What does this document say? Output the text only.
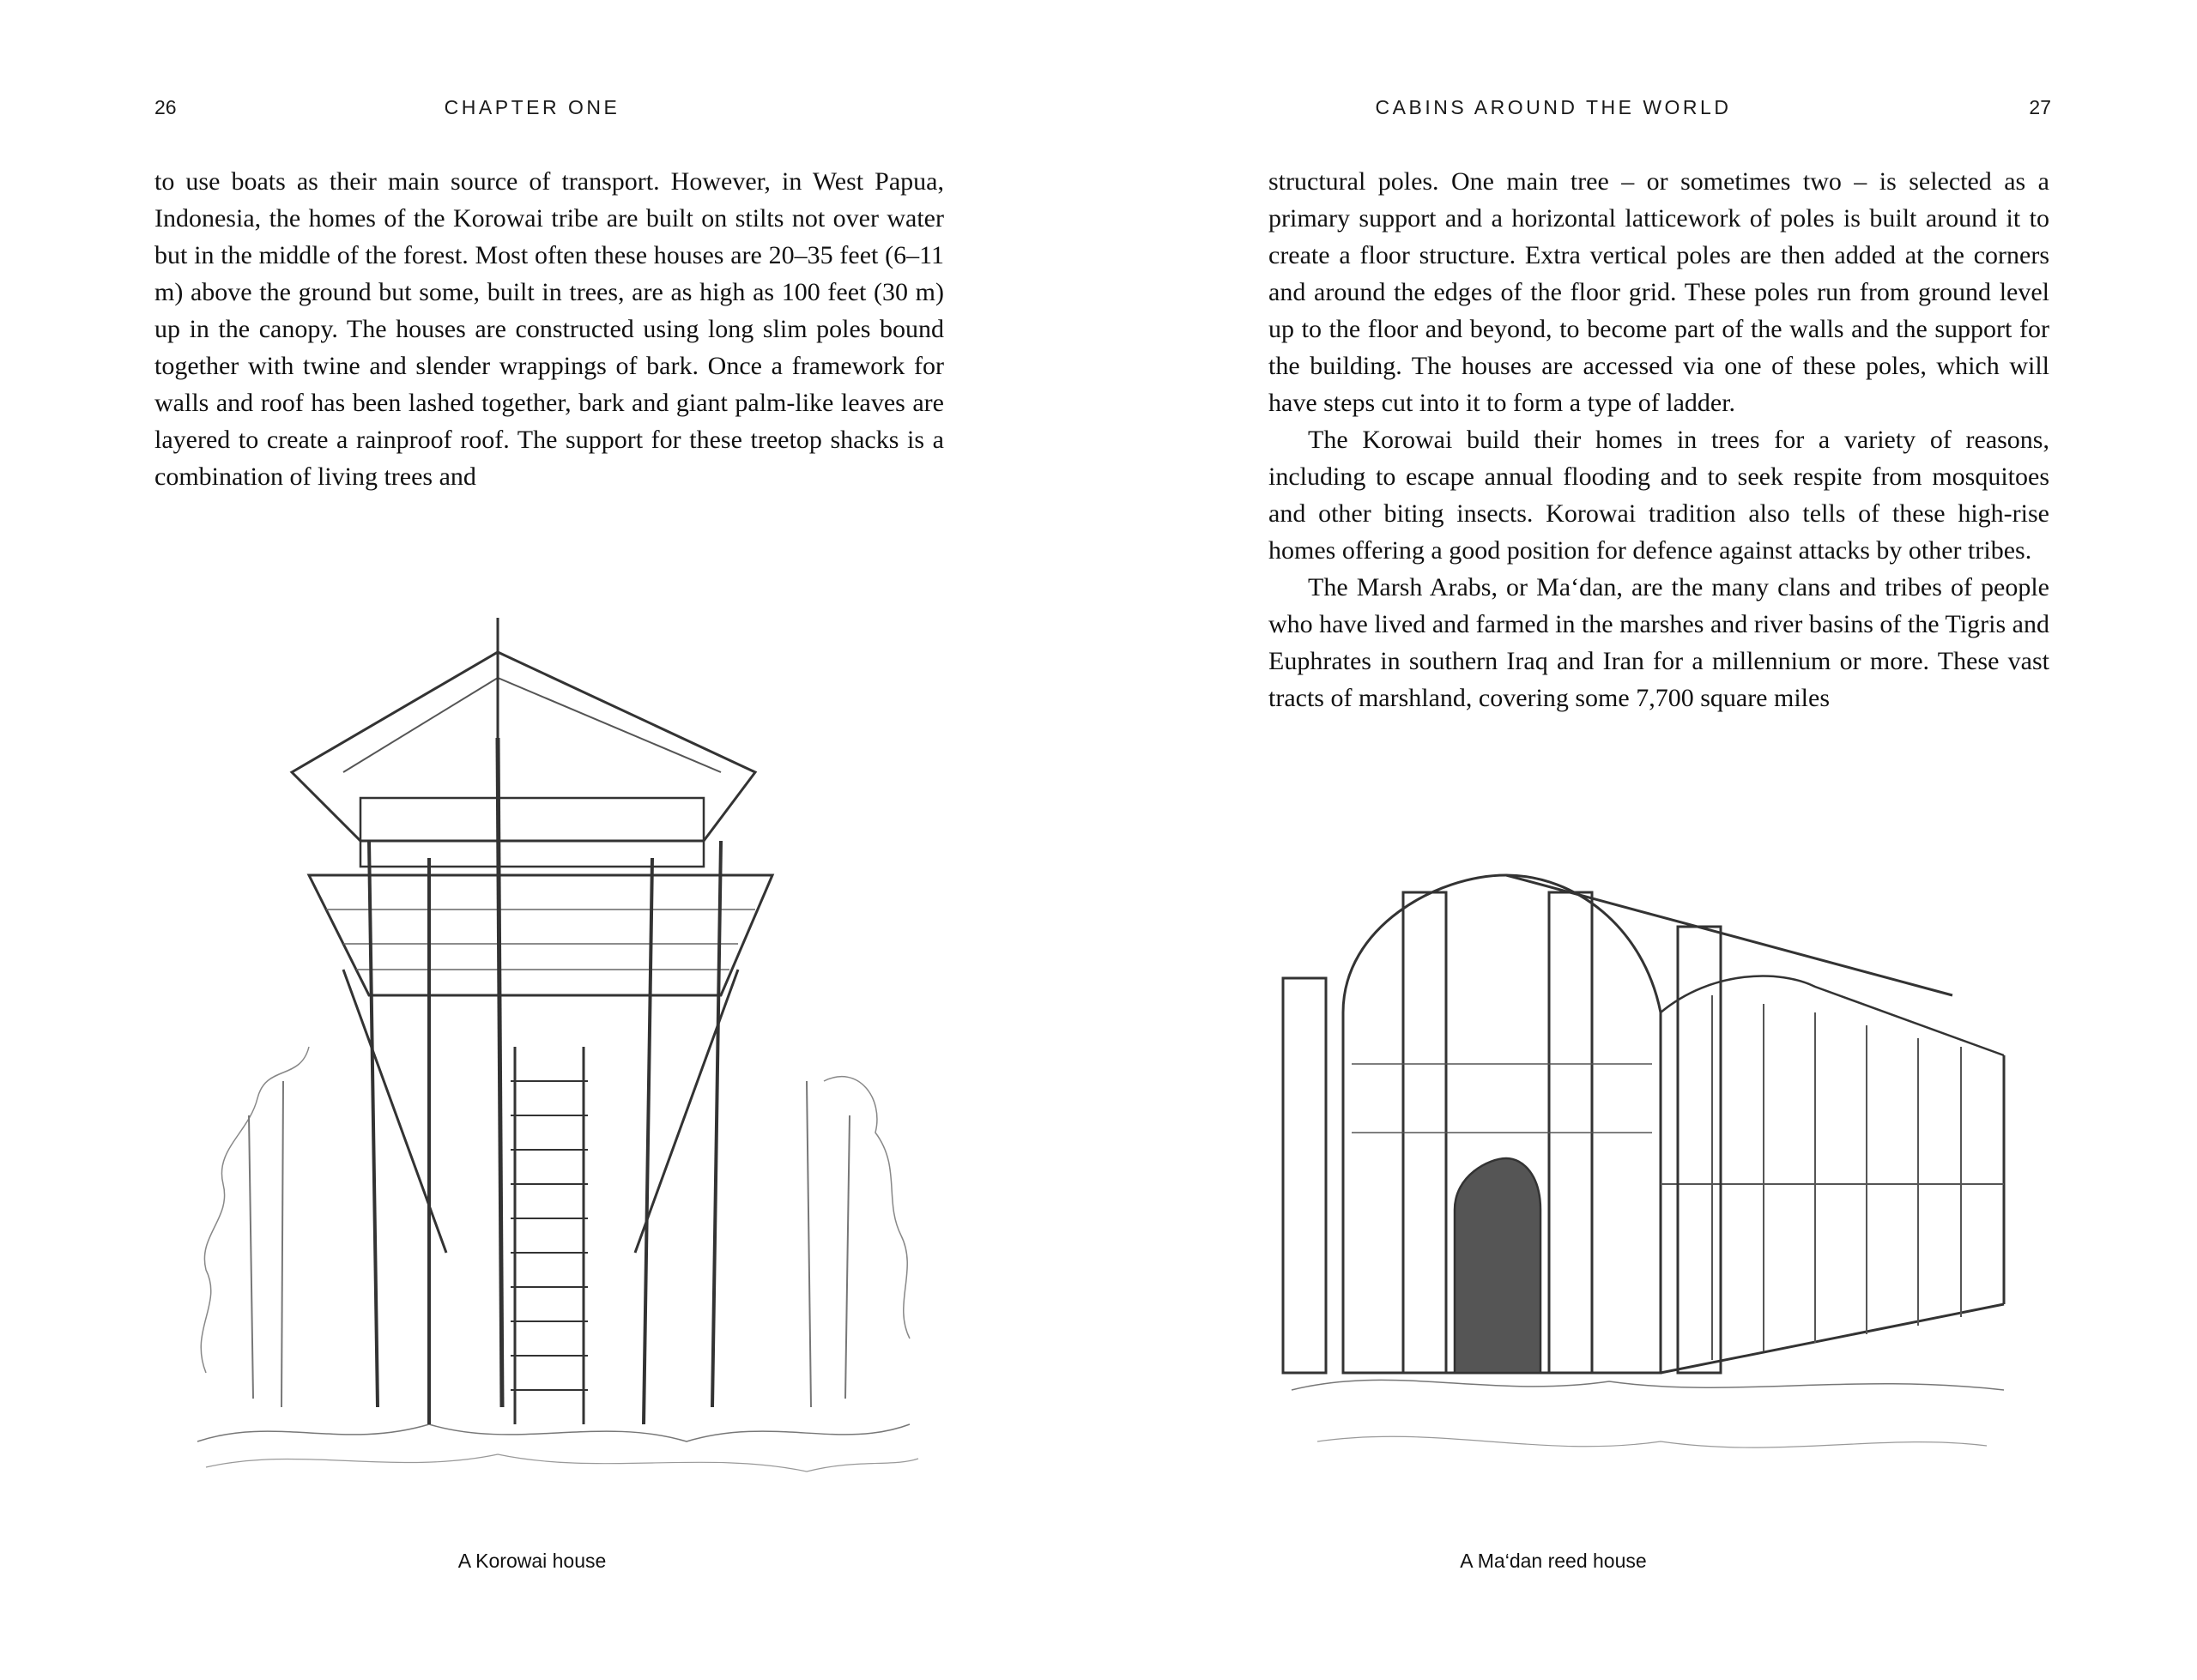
26	CHAPTER ONE

to use boats as their main source of transport. However, in West Papua, Indonesia, the homes of the Korowai tribe are built on stilts not over water but in the middle of the forest. Most often these houses are 20–35 feet (6–11 m) above the ground but some, built in trees, are as high as 100 feet (30 m) up in the canopy. The houses are constructed using long slim poles bound together with twine and slender wrappings of bark. Once a framework for walls and roof has been lashed together, bark and giant palm-like leaves are layered to create a rainproof roof. The support for these treetop shacks is a combination of living trees and

A Korowai house
CABINS AROUND THE WORLD	27

structural poles. One main tree – or sometimes two – is selected as a primary support and a horizontal latticework of poles is built around it to create a floor structure. Extra vertical poles are then added at the corners and around the edges of the floor grid. These poles run from ground level up to the floor and beyond, to become part of the walls and the support for the building. The houses are accessed via one of these poles, which will have steps cut into it to form a type of ladder.

The Korowai build their homes in trees for a variety of reasons, including to escape annual flooding and to seek respite from mosquitoes and other biting insects. Korowai tradition also tells of these high-rise homes offering a good position for defence against attacks by other tribes.

The Marsh Arabs, or Ma‘dan, are the many clans and tribes of people who have lived and farmed in the marshes and river basins of the Tigris and Euphrates in southern Iraq and Iran for a millennium or more. These vast tracts of marshland, covering some 7,700 square miles

A Ma‘dan reed house
